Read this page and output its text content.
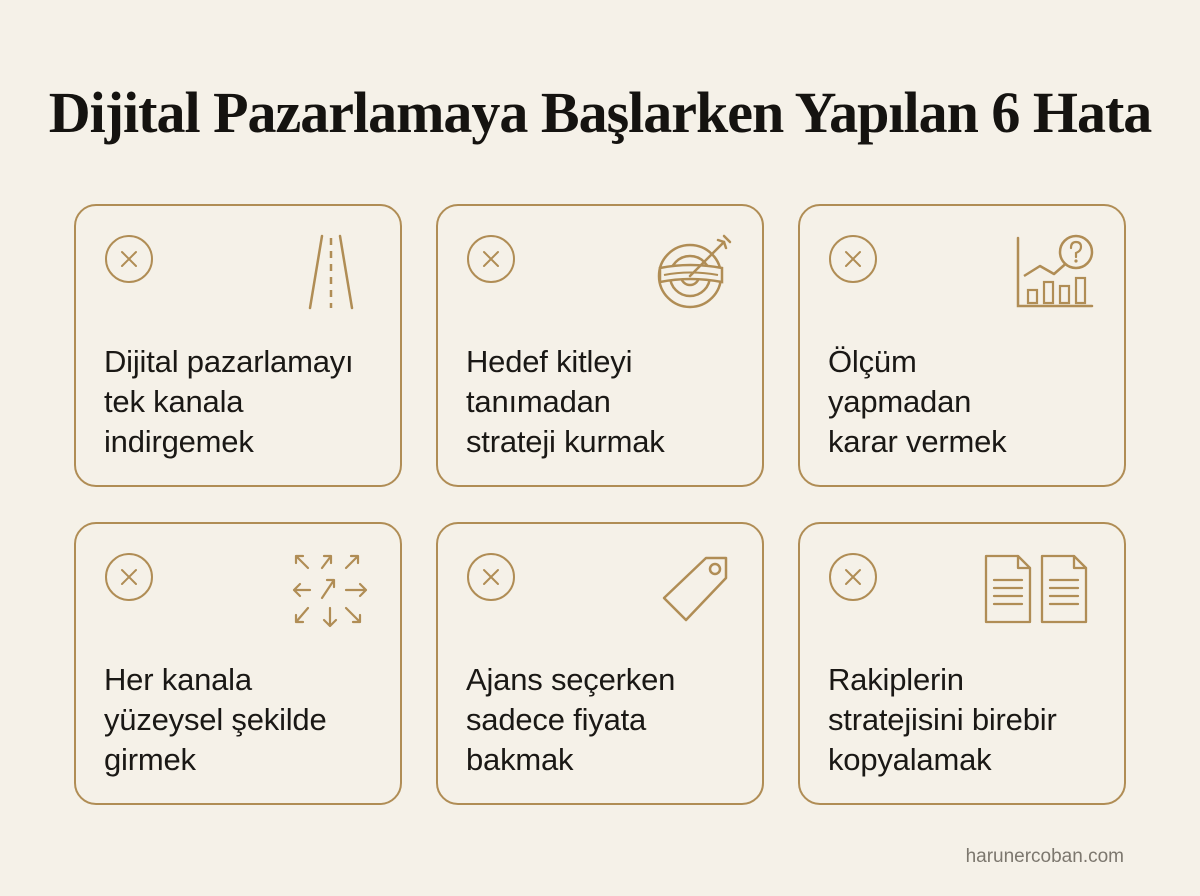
Dijital Pazarlamaya Başlarken Yapılan 6 Hata
Dijital pazarlamayı
tek kanala
indirgemek
Hedef kitleyi
tanımadan
strateji kurmak
Ölçüm
yapmadan
karar vermek
Her kanala
yüzeysel şekilde
girmek
Ajans seçerken
sadece fiyata
bakmak
Rakiplerin
stratejisini birebir
kopyalamak
harunercoban.com
